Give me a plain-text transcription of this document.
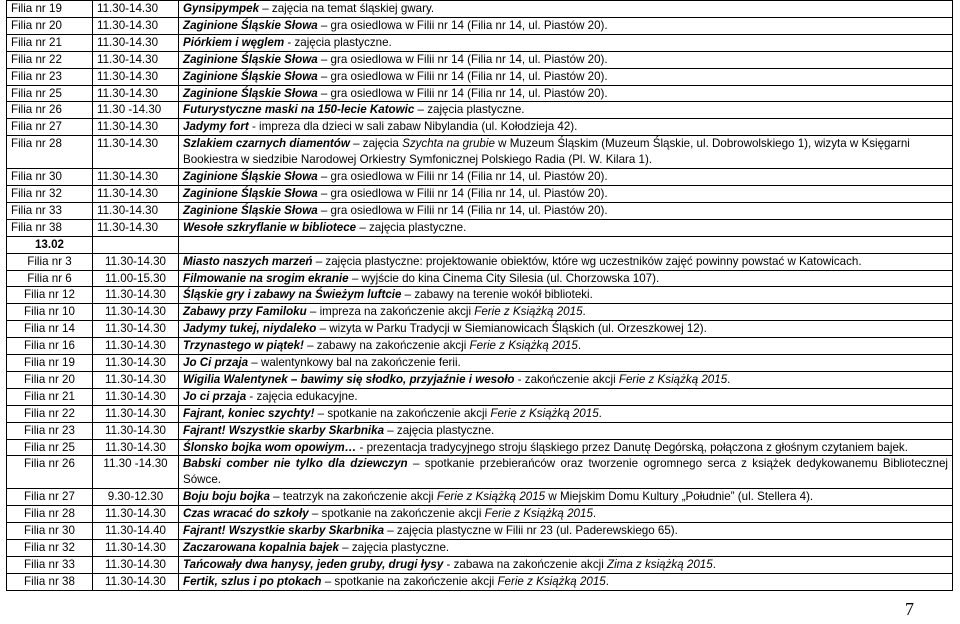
Filia nr 19	11.30-14.30	Gynsipympek – zajęcia na temat śląskiej gwary.
Filia nr 20	11.30-14.30	Zaginione Śląskie Słowa – gra osiedlowa w Filii nr 14 (Filia nr 14, ul. Piastów 20).
Filia nr 21	11.30-14.30	Piórkiem i węglem - zajęcia plastyczne.
Filia nr 22	11.30-14.30	Zaginione Śląskie Słowa – gra osiedlowa w Filii nr 14 (Filia nr 14, ul. Piastów 20).
Filia nr 23	11.30-14.30	Zaginione Śląskie Słowa – gra osiedlowa w Filii nr 14 (Filia nr 14, ul. Piastów 20).
Filia nr 25	11.30-14.30	Zaginione Śląskie Słowa – gra osiedlowa w Filii nr 14 (Filia nr 14, ul. Piastów 20).
Filia nr 26	11.30 -14.30	Futurystyczne maski na 150-lecie Katowic – zajęcia plastyczne.
Filia nr 27	11.30-14.30	Jadymy fort - impreza dla dzieci w sali zabaw Nibylandia (ul. Kołodzieja 42).
Filia nr 28	11.30-14.30	Szlakiem czarnych diamentów – zajęcia Szychta na grubie w Muzeum Śląskim (Muzeum Śląskie, ul. Dobrowolskiego 1), wizyta w Księgarni Bookiestra w siedzibie Narodowej Orkiestry Symfonicznej Polskiego Radia (Pl. W. Kilara 1).
Filia nr 30	11.30-14.30	Zaginione Śląskie Słowa – gra osiedlowa w Filii nr 14 (Filia nr 14, ul. Piastów 20).
Filia nr 32	11.30-14.30	Zaginione Śląskie Słowa – gra osiedlowa w Filii nr 14 (Filia nr 14, ul. Piastów 20).
Filia nr 33	11.30-14.30	Zaginione Śląskie Słowa – gra osiedlowa w Filii nr 14 (Filia nr 14, ul. Piastów 20).
Filia nr 38	11.30-14.30	Wesołe szkryflanie w bibliotece – zajęcia plastyczne.
13.02		
Filia nr 3	11.30-14.30	Miasto naszych marzeń – zajęcia plastyczne: projektowanie obiektów, które wg uczestników zajęć powinny powstać w Katowicach.
Filia nr 6	11.00-15.30	Filmowanie na srogim ekranie – wyjście do kina Cinema City Silesia (ul. Chorzowska 107).
Filia nr 12	11.30-14.30	Śląskie gry i zabawy na Świeżym luftcie – zabawy na terenie wokół biblioteki.
Filia nr 10	11.30-14.30	Zabawy przy Familoku – impreza na zakończenie akcji Ferie z Książką 2015.
Filia nr 14	11.30-14.30	Jadymy tukej, niydaleko – wizyta w Parku Tradycji w Siemianowicach Śląskich (ul. Orzeszkowej 12).
Filia nr 16	11.30-14.30	Trzynastego w piątek! – zabawy na zakończenie akcji Ferie z Książką 2015.
Filia nr 19	11.30-14.30	Jo Ci przaja – walentynkowy bal na zakończenie ferii.
Filia nr 20	11.30-14.30	Wigilia Walentynek – bawimy się słodko, przyjaźnie i wesoło - zakończenie akcji Ferie z Książką 2015.
Filia nr 21	11.30-14.30	Jo ci przaja - zajęcia edukacyjne.
Filia nr 22	11.30-14.30	Fajrant, koniec szychty! – spotkanie na zakończenie akcji Ferie z Książką 2015.
Filia nr 23	11.30-14.30	Fajrant! Wszystkie skarby Skarbnika – zajęcia plastyczne.
Filia nr 25	11.30-14.30	Ślonsko bojka wom opowiym… - prezentacja tradycyjnego stroju śląskiego przez Danutę Degórską, połączona z głośnym czytaniem bajek.
Filia nr 26	11.30 -14.30	Babski comber nie tylko dla dziewczyn – spotkanie przebierańców oraz tworzenie ogromnego serca z książek dedykowanemu Bibliotecznej Sówce.
Filia nr 27	9.30-12.30	Boju boju bojka – teatrzyk na zakończenie akcji Ferie z Książką 2015 w Miejskim Domu Kultury „Południe” (ul. Stellera 4).
Filia nr 28	11.30-14.30	Czas wracać do szkoły – spotkanie na zakończenie akcji Ferie z Książką 2015.
Filia nr 30	11.30-14.40	Fajrant! Wszystkie skarby Skarbnika – zajęcia plastyczne w Filii nr 23 (ul. Paderewskiego 65).
Filia nr 32	11.30-14.30	Zaczarowana kopalnia bajek – zajęcia plastyczne.
Filia nr 33	11.30-14.30	Tańcowały dwa hanysy, jeden gruby, drugi łysy - zabawa na zakończenie akcji Zima z książką 2015.
Filia nr 38	11.30-14.30	Fertik, szlus i po ptokach – spotkanie na zakończenie akcji Ferie z Książką 2015.
7
